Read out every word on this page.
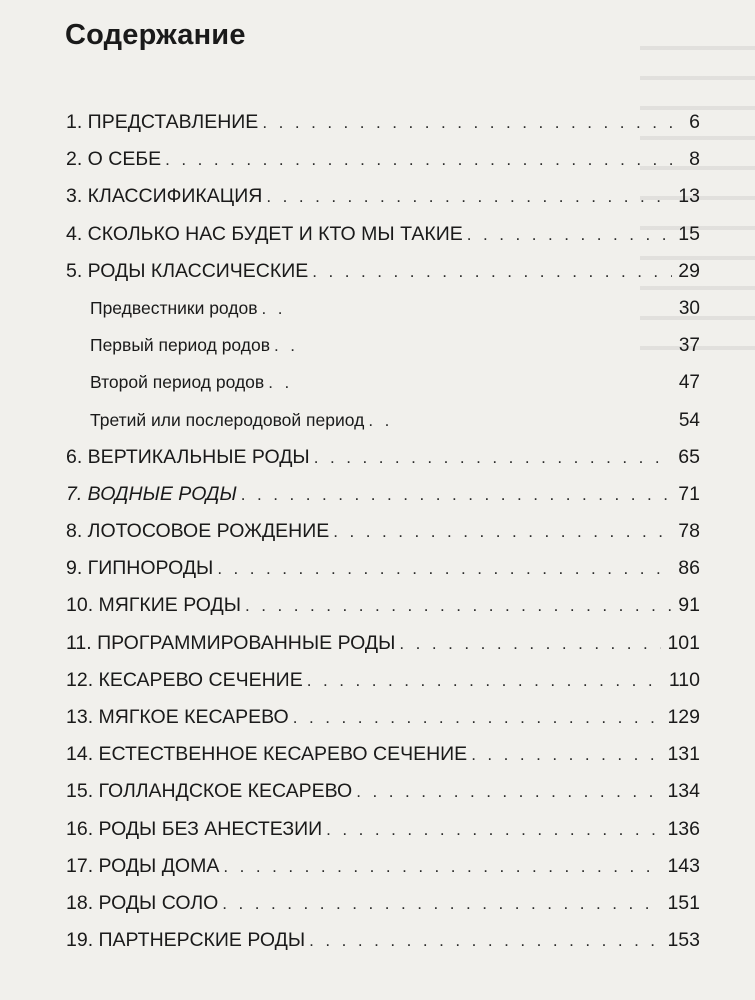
Содержание
1. ПРЕДСТАВЛЕНИЕ . . .	6
2. О СЕБЕ . . .	8
3. КЛАССИФИКАЦИЯ . . .	13
4. СКОЛЬКО НАС БУДЕТ И КТО МЫ ТАКИЕ . . .	15
5. РОДЫ КЛАССИЧЕСКИЕ . . .	29
Предвестники родов . . .	30
Первый период родов . . .	37
Второй период родов . . .	47
Третий или послеродовой период . . .	54
6. ВЕРТИКАЛЬНЫЕ РОДЫ . . .	65
7. ВОДНЫЕ РОДЫ . . .	71
8. ЛОТОСОВОЕ РОЖДЕНИЕ . . .	78
9. ГИПНОРОДЫ . . .	86
10. МЯГКИЕ РОДЫ . . .	91
11. ПРОГРАММИРОВАННЫЕ РОДЫ . . .	101
12. КЕСАРЕВО СЕЧЕНИЕ . . .	110
13. МЯГКОЕ КЕСАРЕВО . . .	129
14. ЕСТЕСТВЕННОЕ КЕСАРЕВО СЕЧЕНИЕ . . .	131
15. ГОЛЛАНДСКОЕ КЕСАРЕВО . . .	134
16. РОДЫ БЕЗ АНЕСТЕЗИИ . . .	136
17. РОДЫ ДОМА . . .	143
18. РОДЫ СОЛО . . .	151
19. ПАРТНЕРСКИЕ РОДЫ . . .	153
